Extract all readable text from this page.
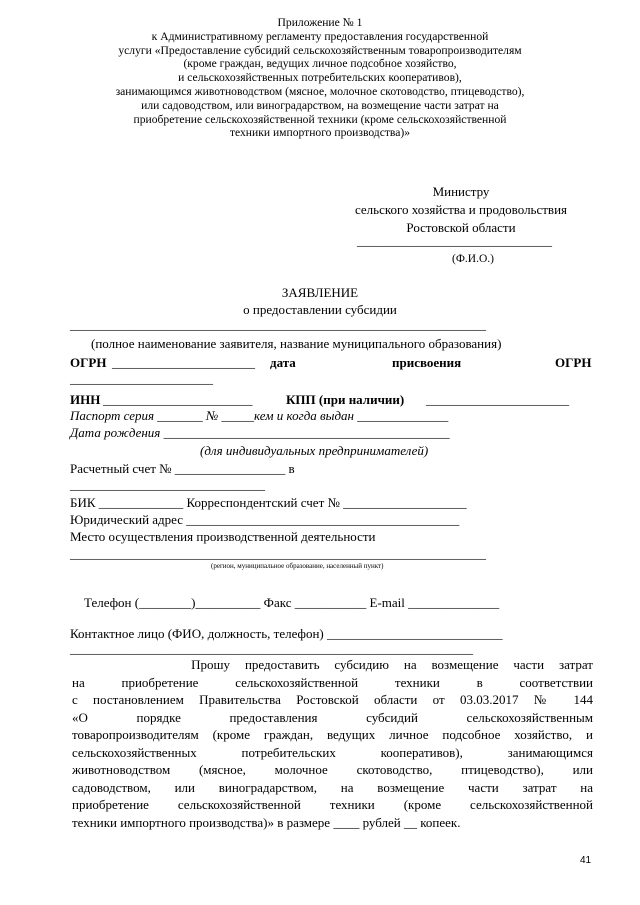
Приложение № 1
к Административному регламенту предоставления государственной
услуги «Предоставление субсидий сельскохозяйственным товаропроизводителям
(кроме граждан, ведущих личное подсобное хозяйство,
и сельскохозяйственных потребительских кооперативов),
занимающимся животноводством (мясное, молочное скотоводство, птицеводство),
или садоводством, или виноградарством, на возмещение части затрат на
приобретение сельскохозяйственной техники (кроме сельскохозяйственной
техники импортного производства)»
Министру
сельского хозяйства и продовольствия
Ростовской области
______________________________
(Ф.И.О.)
ЗАЯВЛЕНИЕ
о предоставлении субсидии
________________________________________________________________
(полное наименование заявителя, название муниципального образования)
ОГРН ______________________ дата	присвоения	ОГРН
______________________
ИНН _______________________	КПП (при наличии) ______________________
Паспорт серия _______ № _____кем и когда выдан ______________
Дата рождения ____________________________________________
(для индивидуальных предпринимателей)
Расчетный счет № _________________ в
______________________________
БИК _____________ Корреспондентский счет № ___________________
Юридический адрес __________________________________________
Место осуществления производственной деятельности
________________________________________________________________
(регион, муниципальное образование, населенный пункт)
Телефон (________)__________ Факс ___________ E-mail ______________
Контактное лицо (ФИО, должность, телефон) ___________________________
______________________________________________________________
Прошу предоставить субсидию на возмещение части затрат
на приобретение сельскохозяйственной техники в соответствии
с постановлением Правительства Ростовской области от 03.03.2017 № 144
«О порядке предоставления субсидий сельскохозяйственным
товаропроизводителям (кроме граждан, ведущих личное подсобное хозяйство, и
сельскохозяйственных потребительских кооперативов), занимающимся
животноводством (мясное, молочное скотоводство, птицеводство), или
садоводством, или виноградарством, на возмещение части затрат на
приобретение сельскохозяйственной техники (кроме сельскохозяйственной
техники импортного производства)» в размере ____ рублей __ копеек.
41
